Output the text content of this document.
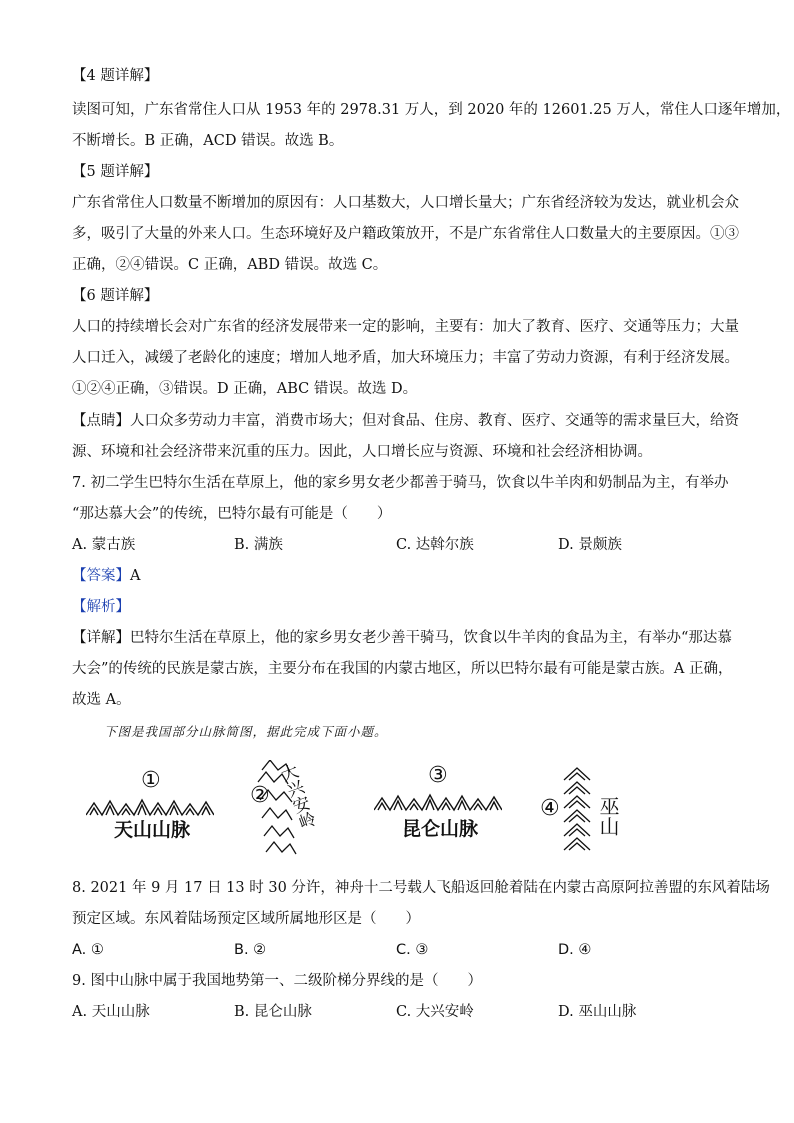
【4 题详解】
读图可知，广东省常住人口从 1953 年的 2978.31 万人，到 2020 年的 12601.25 万人，常住人口逐年增加，
不断增长。B 正确，ACD 错误。故选 B。
【5 题详解】
广东省常住人口数量不断增加的原因有：人口基数大，人口增长量大；广东省经济较为发达，就业机会众
多，吸引了大量的外来人口。生态环境好及户籍政策放开，不是广东省常住人口数量大的主要原因。①③
正确，②④错误。C 正确，ABD 错误。故选 C。
【6 题详解】
人口的持续增长会对广东省的经济发展带来一定的影响，主要有：加大了教育、医疗、交通等压力；大量
人口迁入，减缓了老龄化的速度；增加人地矛盾，加大环境压力；丰富了劳动力资源，有利于经济发展。
①②④正确，③错误。D 正确，ABC 错误。故选 D。
【点睛】人口众多劳动力丰富，消费市场大；但对食品、住房、教育、医疗、交通等的需求量巨大，给资
源、环境和社会经济带来沉重的压力。因此，人口增长应与资源、环境和社会经济相协调。
7. 初二学生巴特尔生活在草原上，他的家乡男女老少都善于骑马，饮食以牛羊肉和奶制品为主，有举办
“那达慕大会”的传统，巴特尔最有可能是（　　）
A. 蒙古族	B. 满族	C. 达斡尔族	D. 景颇族
【答案】A
【解析】
【详解】巴特尔生活在草原上，他的家乡男女老少善干骑马，饮食以牛羊肉的食品为主，有举办“那达慕
大会”的传统的民族是蒙古族，主要分布在我国的内蒙古地区，所以巴特尔最有可能是蒙古族。A 正确，
故选 A。
下图是我国部分山脉简图，据此完成下面小题。
①
天山山脉
② 大兴安岭	③
昆仑山脉
④ 巫山
8. 2021 年 9 月 17 日 13 时 30 分许，神舟十二号载人飞船返回舱着陆在内蒙古高原阿拉善盟的东风着陆场
预定区域。东风着陆场预定区域所属地形区是（　　）
A. ①	B. ②	C. ③	D. ④
9. 图中山脉中属于我国地势第一、二级阶梯分界线的是（　　）
A. 天山山脉	B. 昆仑山脉	C. 大兴安岭	D. 巫山山脉
